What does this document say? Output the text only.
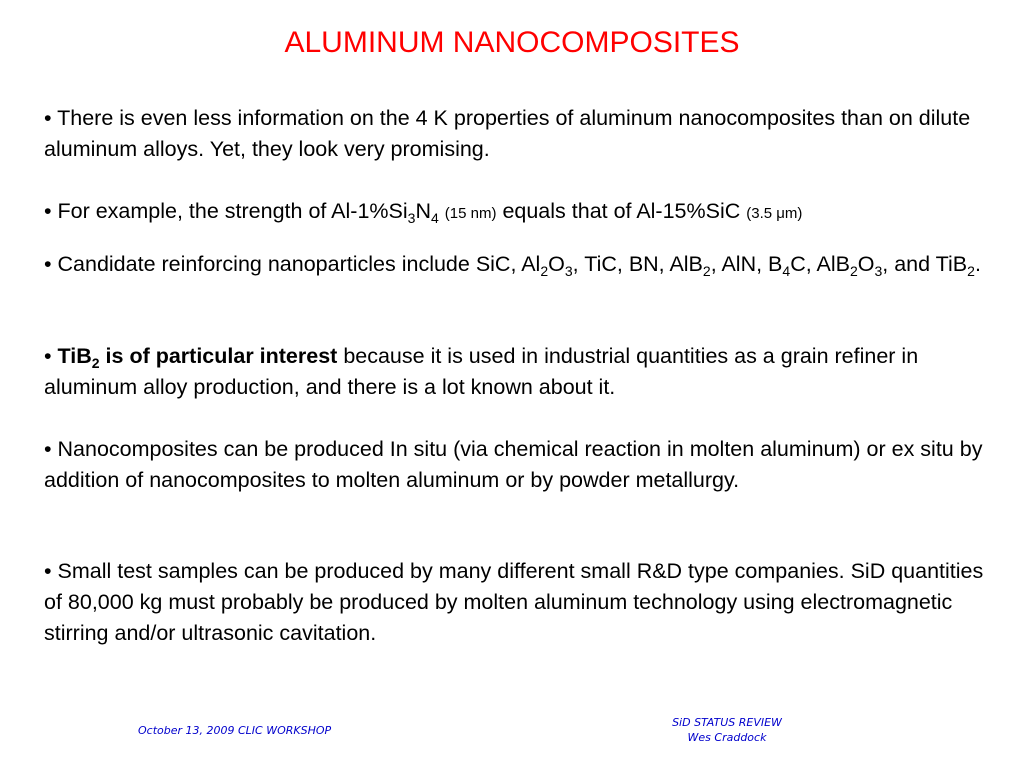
ALUMINUM NANOCOMPOSITES
• There is even less information on the 4 K properties of aluminum nanocomposites than on dilute aluminum alloys. Yet, they look very promising.
• For example, the strength of $Al-1\%Si_3N_4$ (15 nm) equals that of Al-15%SiC (3.5 μm)
• Candidate reinforcing nanoparticles include SiC, $Al_2O_3$, TiC, BN, AlB$_2$, AlN, $B_4C$, $AlB_2O_3$, and TiB$_2$.
• TiB$_2$ is of particular interest because it is used in industrial quantities as a grain refiner in aluminum alloy production, and there is a lot known about it.
• Nanocomposites can be produced In situ (via chemical reaction in molten aluminum) or ex situ by addition of nanocomposites to molten aluminum or by powder metallurgy.
• Small test samples can be produced by many different small R&D type companies. SiD quantities of 80,000 kg must probably be produced by molten aluminum technology using electromagnetic stirring and/or ultrasonic cavitation.
October 13, 2009 CLIC WORKSHOP
SiD STATUS REVIEW
Wes Craddock
